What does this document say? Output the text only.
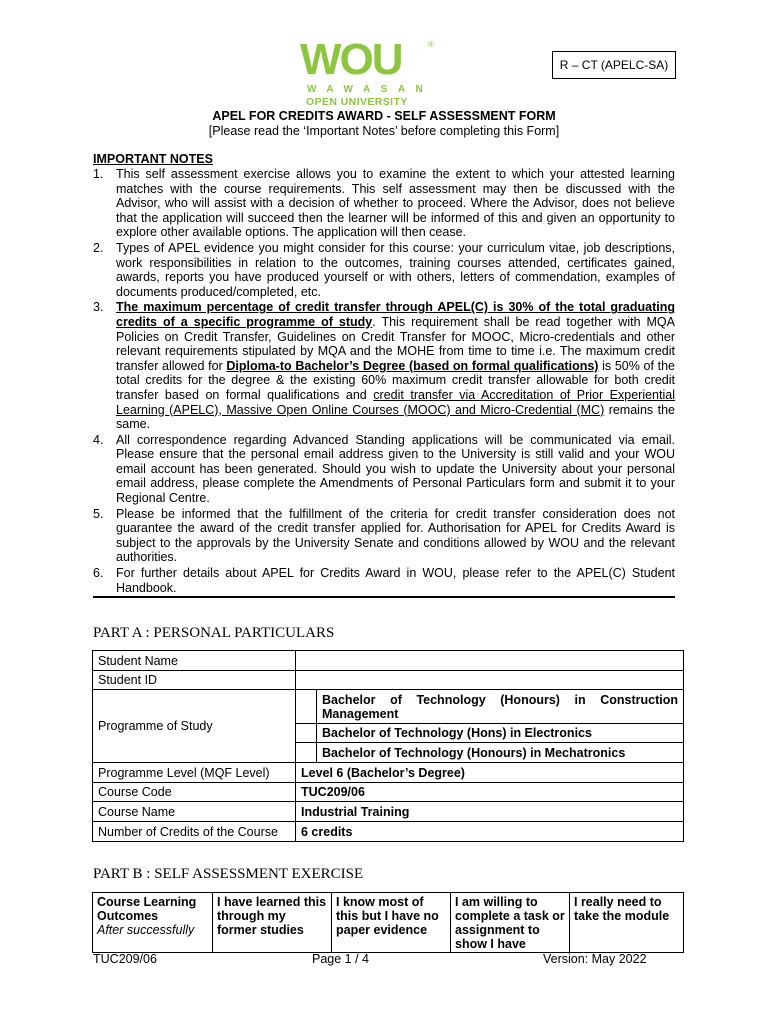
WOU	®
WAWASAN
OPEN UNIVERSITY
R – CT (APELC-SA)
APEL FOR CREDITS AWARD - SELF ASSESSMENT FORM
[Please read the ‘Important Notes’ before completing this Form]
IMPORTANT NOTES
1. This self assessment exercise allows you to examine the extent to which your attested learning matches with the course requirements. This self assessment may then be discussed with the Advisor, who will assist with a decision of whether to proceed. Where the Advisor, does not believe that the application will succeed then the learner will be informed of this and given an opportunity to explore other available options. The application will then cease.
2. Types of APEL evidence you might consider for this course: your curriculum vitae, job descriptions, work responsibilities in relation to the outcomes, training courses attended, certificates gained, awards, reports you have produced yourself or with others, letters of commendation, examples of documents produced/completed, etc.
3. The maximum percentage of credit transfer through APEL(C) is 30% of the total graduating credits of a specific programme of study. This requirement shall be read together with MQA Policies on Credit Transfer, Guidelines on Credit Transfer for MOOC, Micro-credentials and other relevant requirements stipulated by MQA and the MOHE from time to time i.e. The maximum credit transfer allowed for Diploma-to Bachelor’s Degree (based on formal qualifications) is 50% of the total credits for the degree & the existing 60% maximum credit transfer allowable for both credit transfer based on formal qualifications and credit transfer via Accreditation of Prior Experiential Learning (APELC), Massive Open Online Courses (MOOC) and Micro-Credential (MC) remains the same.
4. All correspondence regarding Advanced Standing applications will be communicated via email. Please ensure that the personal email address given to the University is still valid and your WOU email account has been generated. Should you wish to update the University about your personal email address, please complete the Amendments of Personal Particulars form and submit it to your Regional Centre.
5. Please be informed that the fulfillment of the criteria for credit transfer consideration does not guarantee the award of the credit transfer applied for. Authorisation for APEL for Credits Award is subject to the approvals by the University Senate and conditions allowed by WOU and the relevant authorities.
6. For further details about APEL for Credits Award in WOU, please refer to the APEL(C) Student Handbook.
PART A : PERSONAL PARTICULARS
Student Name		
Student ID		
Programme of Study		Bachelor of Technology (Honours) in Construction Management
		Bachelor of Technology (Hons) in Electronics
		Bachelor of Technology (Honours) in Mechatronics
Programme Level (MQF Level)	Level 6 (Bachelor’s Degree)	
Course Code	TUC209/06	
Course Name	Industrial Training	
Number of Credits of the Course	6 credits	
PART B : SELF ASSESSMENT EXERCISE
Course Learning Outcomes
After successfully	I have learned this through my former studies	I know most of this but I have no paper evidence	I am willing to complete a task or assignment to show I have	I really need to take the module
TUC209/06	Page 1 / 4	Version: May 2022
